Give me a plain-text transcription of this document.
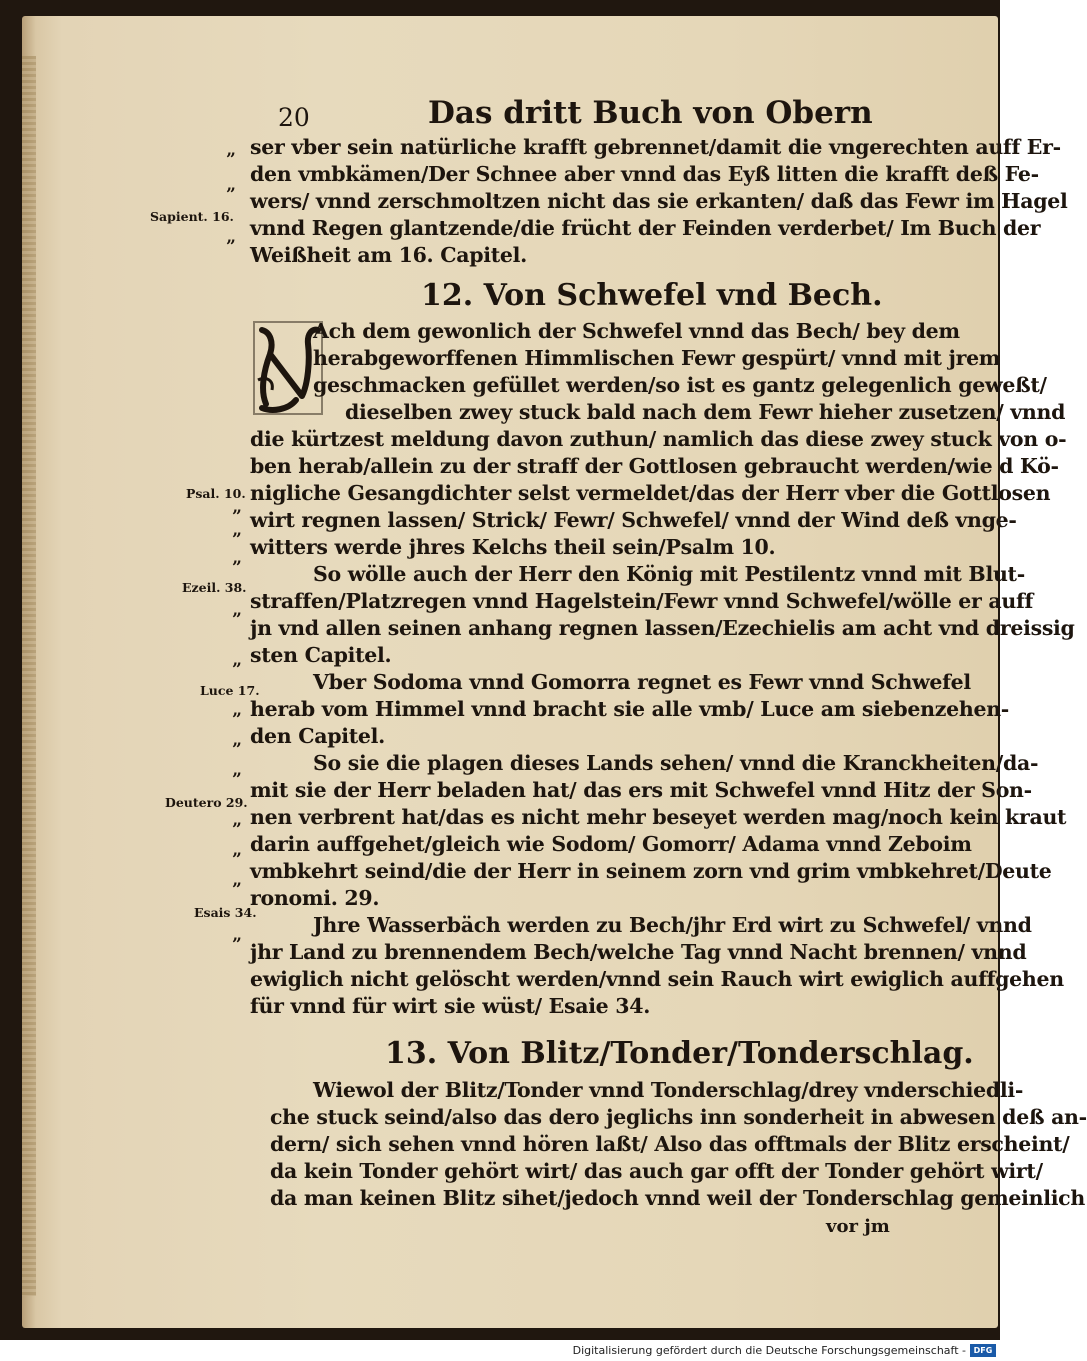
20	Das dritt Buch von Obern
ser vber sein natürliche krafft gebrennet/damit die vngerechten auff Er-
den vmbkämen/Der Schnee aber vnnd das Eyß litten die krafft deß Fe-
wers/ vnnd zerschmoltzen nicht das sie erkanten/ daß das Fewr im Hagel
vnnd Regen glantzende/die frücht der Feinden verderbet/ Im Buch der
Weißheit am 16. Capitel.
12. Von Schwefel vnd Bech.
Ach dem gewonlich der Schwefel vnnd das Bech/ bey dem
herabgeworffenen Himmlischen Fewr gespürt/ vnnd mit jrem
geschmacken gefüllet werden/so ist es gantz gelegenlich geweßt/
dieselben zwey stuck bald nach dem Fewr hieher zusetzen/ vnnd
die kürtzest meldung davon zuthun/ namlich das diese zwey stuck von o-
ben herab/allein zu der straff der Gottlosen gebraucht werden/wie d Kö-
nigliche Gesangdichter selst vermeldet/das der Herr vber die Gottlosen
wirt regnen lassen/ Strick/ Fewr/ Schwefel/ vnnd der Wind deß vnge-
witters werde jhres Kelchs theil sein/Psalm 10.
So wölle auch der Herr den König mit Pestilentz vnnd mit Blut-
straffen/Platzregen vnnd Hagelstein/Fewr vnnd Schwefel/wölle er auff
jn vnd allen seinen anhang regnen lassen/Ezechielis am acht vnd dreissig
sten Capitel.
Vber Sodoma vnnd Gomorra regnet es Fewr vnnd Schwefel
herab vom Himmel vnnd bracht sie alle vmb/ Luce am siebenzehen-
den Capitel.
So sie die plagen dieses Lands sehen/ vnnd die Kranckheiten/da-
mit sie der Herr beladen hat/ das ers mit Schwefel vnnd Hitz der Son-
nen verbrent hat/das es nicht mehr beseyet werden mag/noch kein kraut
darin auffgehet/gleich wie Sodom/ Gomorr/ Adama vnnd Zeboim
vmbkehrt seind/die der Herr in seinem zorn vnd grim vmbkehret/Deute
ronomi. 29.
Jhre Wasserbäch werden zu Bech/jhr Erd wirt zu Schwefel/ vnnd
jhr Land zu brennendem Bech/welche Tag vnnd Nacht brennen/ vnnd
ewiglich nicht gelöscht werden/vnnd sein Rauch wirt ewiglich auffgehen
für vnnd für wirt sie wüst/ Esaie 34.
13. Von Blitz/Tonder/Tonderschlag.
Wiewol der Blitz/Tonder vnnd Tonderschlag/drey vnderschiedli-
che stuck seind/also das dero jeglichs inn sonderheit in abwesen deß an-
dern/ sich sehen vnnd hören laßt/ Also das offtmals der Blitz erscheint/
da kein Tonder gehört wirt/ das auch gar offt der Tonder gehört wirt/
da man keinen Blitz sihet/jedoch vnnd weil der Tonderschlag gemeinlich
vor jm
Sapient. 16.
Psal. 10.
Ezeil. 38.
Luce 17.
Deutero 29.
Esais 34.
”
”
”
”
”
”
”
”
”
”
”
”
”
”
”
Digitalisierung gefördert durch die Deutsche Forschungsgemeinschaft - DFG
